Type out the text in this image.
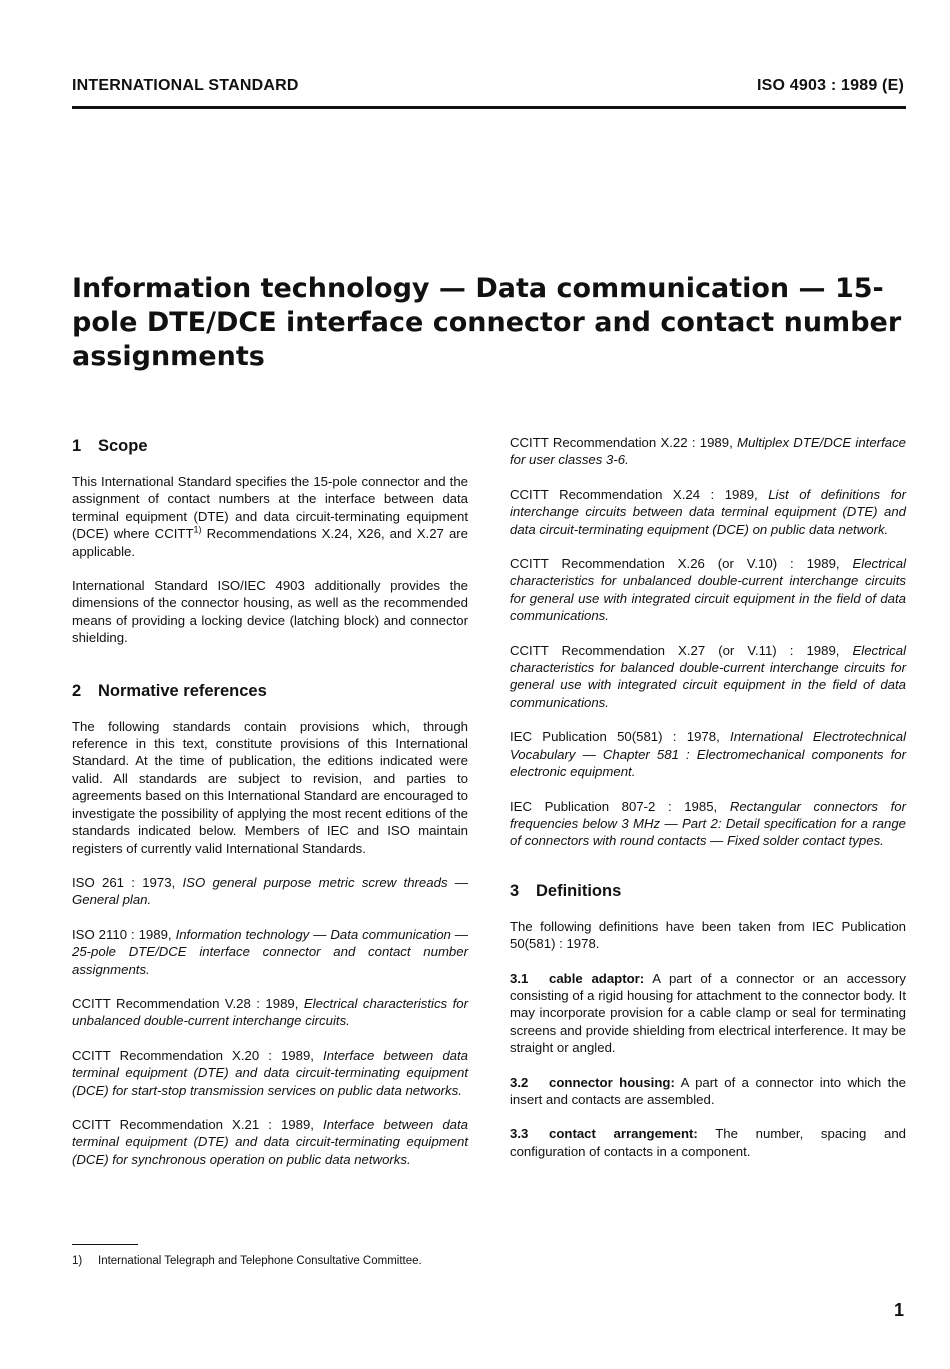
INTERNATIONAL STANDARD	ISO 4903 : 1989 (E)
Information technology — Data communication — 15-pole DTE/DCE interface connector and contact number assignments
1 Scope

This International Standard specifies the 15-pole connector and the assignment of contact numbers at the interface between data terminal equipment (DTE) and data circuit-terminating equipment (DCE) where CCITT$^{1)}$ Recommendations X.24, X26, and X.27 are applicable.

International Standard ISO/IEC 4903 additionally provides the dimensions of the connector housing, as well as the recommended means of providing a locking device (latching block) and connector shielding.

2 Normative references

The following standards contain provisions which, through reference in this text, constitute provisions of this International Standard. At the time of publication, the editions indicated were valid. All standards are subject to revision, and parties to agreements based on this International Standard are encouraged to investigate the possibility of applying the most recent editions of the standards indicated below. Members of IEC and ISO maintain registers of currently valid International Standards.

ISO 261 : 1973, ISO general purpose metric screw threads — General plan.

ISO 2110 : 1989, Information technology — Data communication — 25-pole DTE/DCE interface connector and contact number assignments.

CCITT Recommendation V.28 : 1989, Electrical characteristics for unbalanced double-current interchange circuits.

CCITT Recommendation X.20 : 1989, Interface between data terminal equipment (DTE) and data circuit-terminating equipment (DCE) for start-stop transmission services on public data networks.

CCITT Recommendation X.21 : 1989, Interface between data terminal equipment (DTE) and data circuit-terminating equipment (DCE) for synchronous operation on public data networks.

CCITT Recommendation X.22 : 1989, Multiplex DTE/DCE interface for user classes 3-6.

CCITT Recommendation X.24 : 1989, List of definitions for interchange circuits between data terminal equipment (DTE) and data circuit-terminating equipment (DCE) on public data network.

CCITT Recommendation X.26 (or V.10) : 1989, Electrical characteristics for unbalanced double-current interchange circuits for general use with integrated circuit equipment in the field of data communications.

CCITT Recommendation X.27 (or V.11) : 1989, Electrical characteristics for balanced double-current interchange circuits for general use with integrated circuit equipment in the field of data communications.

IEC Publication 50(581) : 1978, International Electrotechnical Vocabulary — Chapter 581 : Electromechanical components for electronic equipment.

IEC Publication 807-2 : 1985, Rectangular connectors for frequencies below 3 MHz — Part 2: Detail specification for a range of connectors with round contacts — Fixed solder contact types.

3 Definitions

The following definitions have been taken from IEC Publication 50(581) : 1978.

3.1 cable adaptor: A part of a connector or an accessory consisting of a rigid housing for attachment to the connector body. It may incorporate provision for a cable clamp or seal for terminating screens and provide shielding from electrical interference. It may be straight or angled.

3.2 connector housing: A part of a connector into which the insert and contacts are assembled.

3.3 contact arrangement: The number, spacing and configuration of contacts in a component.

1) International Telegraph and Telephone Consultative Committee.
1
